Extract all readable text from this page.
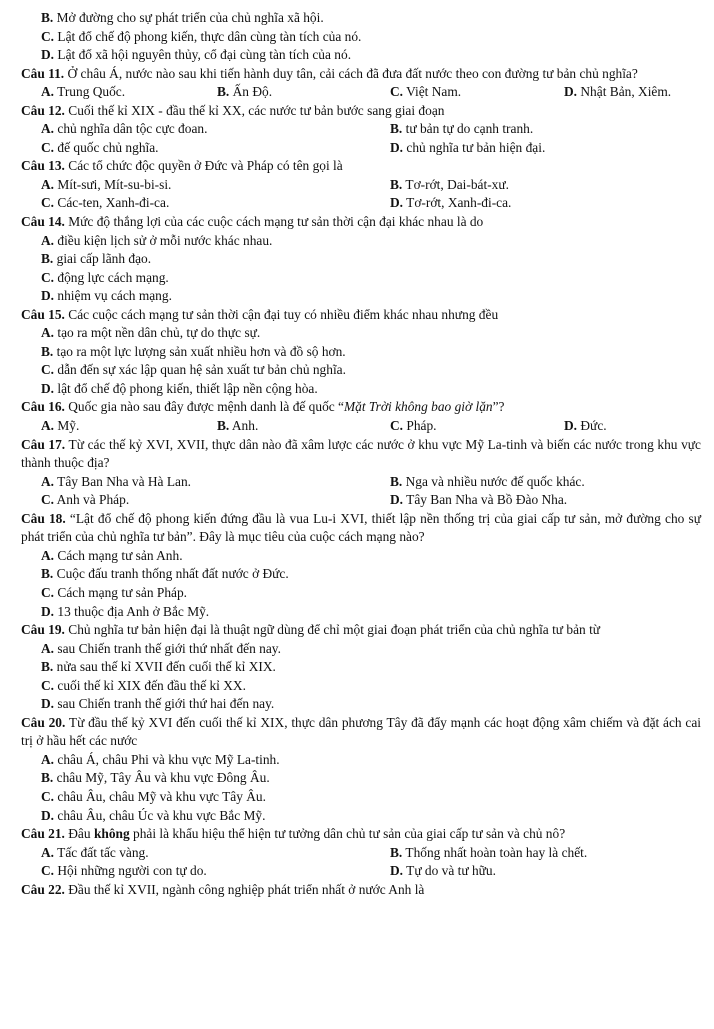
B. Mở đường cho sự phát triển của chủ nghĩa xã hội.
C. Lật đổ chế độ phong kiến, thực dân cùng tàn tích của nó.
D. Lật đổ xã hội nguyên thủy, cổ đại cùng tàn tích của nó.
Câu 11. Ở châu Á, nước nào sau khi tiến hành duy tân, cải cách đã đưa đất nước theo con đường tư bản chủ nghĩa?
A. Trung Quốc.	B. Ấn Độ.	C. Việt Nam.	D. Nhật Bản, Xiêm.
Câu 12. Cuối thế kỉ XIX - đầu thế kỉ XX, các nước tư bản bước sang giai đoạn
A. chủ nghĩa dân tộc cực đoan.	B. tư bản tự do cạnh tranh.
C. đế quốc chủ nghĩa.	D. chủ nghĩa tư bản hiện đại.
Câu 13. Các tổ chức độc quyền ở Đức và Pháp có tên gọi là
A. Mít-sưi, Mít-su-bi-si.	B. Tơ-rớt, Dai-bát-xư.
C. Các-ten, Xanh-đi-ca.	D. Tơ-rớt, Xanh-đi-ca.
Câu 14. Mức độ thắng lợi của các cuộc cách mạng tư sản thời cận đại khác nhau là do
A. điều kiện lịch sử ở mỗi nước khác nhau.
B. giai cấp lãnh đạo.
C. động lực cách mạng.
D. nhiệm vụ cách mạng.
Câu 15. Các cuộc cách mạng tư sản thời cận đại tuy có nhiều điểm khác nhau nhưng đều
A. tạo ra một nền dân chủ, tự do thực sự.
B. tạo ra một lực lượng sản xuất nhiều hơn và đồ sộ hơn.
C. dẫn đến sự xác lập quan hệ sản xuất tư bản chủ nghĩa.
D. lật đổ chế độ phong kiến, thiết lập nền cộng hòa.
Câu 16. Quốc gia nào sau đây được mệnh danh là đế quốc “Mặt Trời không bao giờ lặn”?
A. Mỹ.	B. Anh.	C. Pháp.	D. Đức.
Câu 17. Từ các thế kỷ XVI, XVII, thực dân nào đã xâm lược các nước ở khu vực Mỹ La-tinh và biến các nước trong khu vực thành thuộc địa?
A. Tây Ban Nha và Hà Lan.	B. Nga và nhiều nước đế quốc khác.
C. Anh và Pháp.	D. Tây Ban Nha và Bồ Đào Nha.
Câu 18. “Lật đổ chế độ phong kiến đứng đầu là vua Lu-i XVI, thiết lập nền thống trị của giai cấp tư sản, mở đường cho sự phát triển của chủ nghĩa tư bản”. Đây là mục tiêu của cuộc cách mạng nào?
A. Cách mạng tư sản Anh.
B. Cuộc đấu tranh thống nhất đất nước ở Đức.
C. Cách mạng tư sản Pháp.
D. 13 thuộc địa Anh ở Bắc Mỹ.
Câu 19. Chủ nghĩa tư bản hiện đại là thuật ngữ dùng để chỉ một giai đoạn phát triển của chủ nghĩa tư bản từ
A. sau Chiến tranh thế giới thứ nhất đến nay.
B. nửa sau thế kỉ XVII đến cuối thế kỉ XIX.
C. cuối thế kỉ XIX đến đầu thế kỉ XX.
D. sau Chiến tranh thế giới thứ hai đến nay.
Câu 20. Từ đầu thế kỷ XVI đến cuối thế kỉ XIX, thực dân phương Tây đã đẩy mạnh các hoạt động xâm chiếm và đặt ách cai trị ở hầu hết các nước
A. châu Á, châu Phi và khu vực Mỹ La-tinh.
B. châu Mỹ, Tây Âu và khu vực Đông Âu.
C. châu Âu, châu Mỹ và khu vực Tây Âu.
D. châu Âu, châu Úc và khu vực Bắc Mỹ.
Câu 21. Đâu không phải là khẩu hiệu thể hiện tư tưởng dân chủ tư sản của giai cấp tư sản và chủ nô?
A. Tấc đất tấc vàng.	B. Thống nhất hoàn toàn hay là chết.
C. Hội những người con tự do.	D. Tự do và tư hữu.
Câu 22. Đầu thế kỉ XVII, ngành công nghiệp phát triển nhất ở nước Anh là
